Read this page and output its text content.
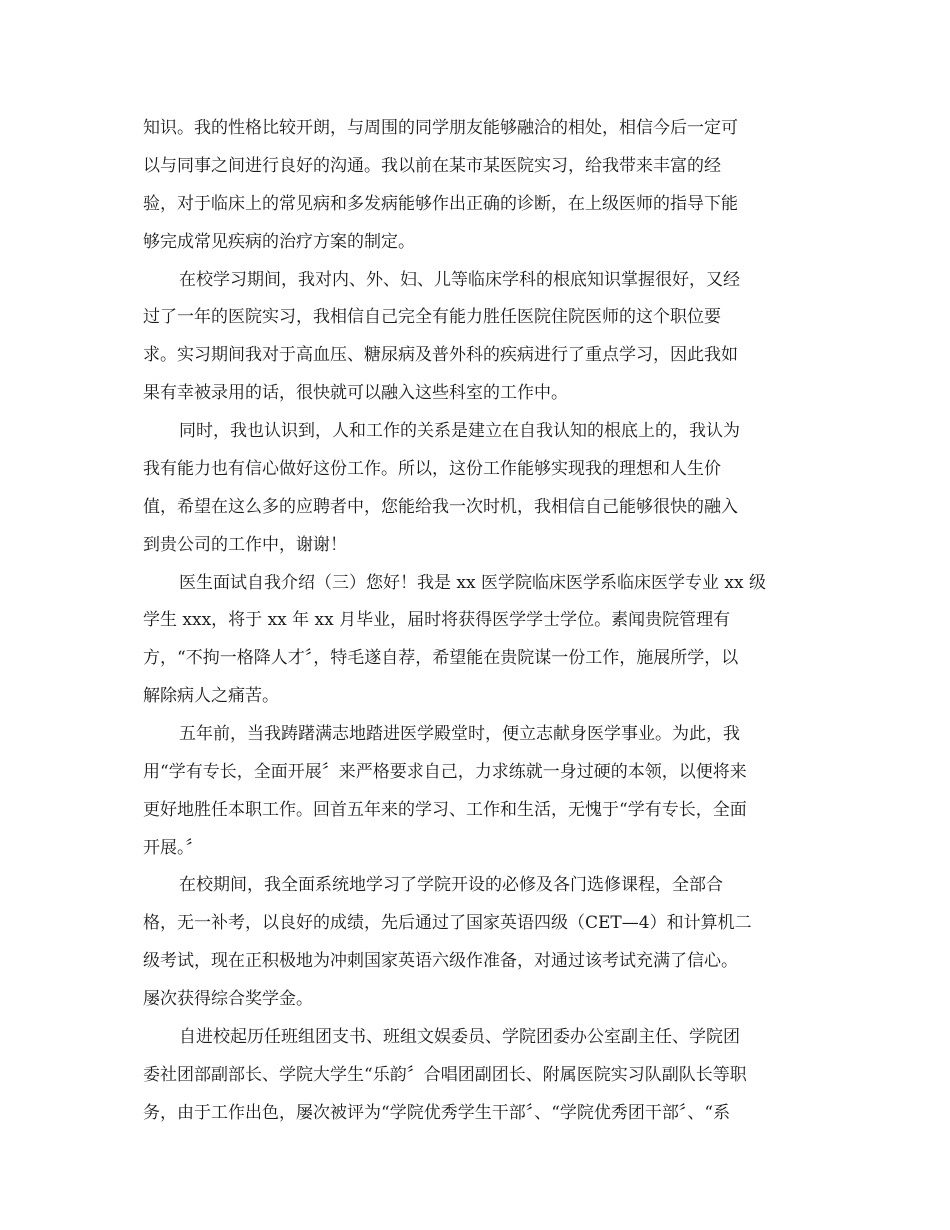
知识。我的性格比较开朗，与周围的同学朋友能够融洽的相处，相信今后一定可

以与同事之间进行良好的沟通。我以前在某市某医院实习，给我带来丰富的经

验，对于临床上的常见病和多发病能够作出正确的诊断，在上级医师的指导下能

够完成常见疾病的治疗方案的制定。

在校学习期间，我对内、外、妇、儿等临床学科的根底知识掌握很好，又经

过了一年的医院实习，我相信自己完全有能力胜任医院住院医师的这个职位要

求。实习期间我对于高血压、糖尿病及普外科的疾病进行了重点学习，因此我如

果有幸被录用的话，很快就可以融入这些科室的工作中。

同时，我也认识到，人和工作的关系是建立在自我认知的根底上的，我认为

我有能力也有信心做好这份工作。所以，这份工作能够实现我的理想和人生价

值，希望在这么多的应聘者中，您能给我一次时机，我相信自己能够很快的融入

到贵公司的工作中，谢谢！

医生面试自我介绍（三）您好！我是 xx 医学院临床医学系临床医学专业 xx 级

学生 xxx，将于 xx 年 xx 月毕业，届时将获得医学学士学位。素闻贵院管理有

方，“不拘一格降人才〞，特毛遂自荐，希望能在贵院谋一份工作，施展所学，以

解除病人之痛苦。

五年前，当我踌躇满志地踏进医学殿堂时，便立志献身医学事业。为此，我

用“学有专长，全面开展〞来严格要求自己，力求练就一身过硬的本领，以便将来

更好地胜任本职工作。回首五年来的学习、工作和生活，无愧于“学有专长，全面

开展。〞

在校期间，我全面系统地学习了学院开设的必修及各门选修课程，全部合

格，无一补考，以良好的成绩，先后通过了国家英语四级（CET—4）和计算机二

级考试，现在正积极地为冲刺国家英语六级作准备，对通过该考试充满了信心。

屡次获得综合奖学金。

自进校起历任班组团支书、班组文娱委员、学院团委办公室副主任、学院团

委社团部副部长、学院大学生“乐韵〞合唱团副团长、附属医院实习队副队长等职

务，由于工作出色，屡次被评为“学院优秀学生干部〞、“学院优秀团干部〞、“系
